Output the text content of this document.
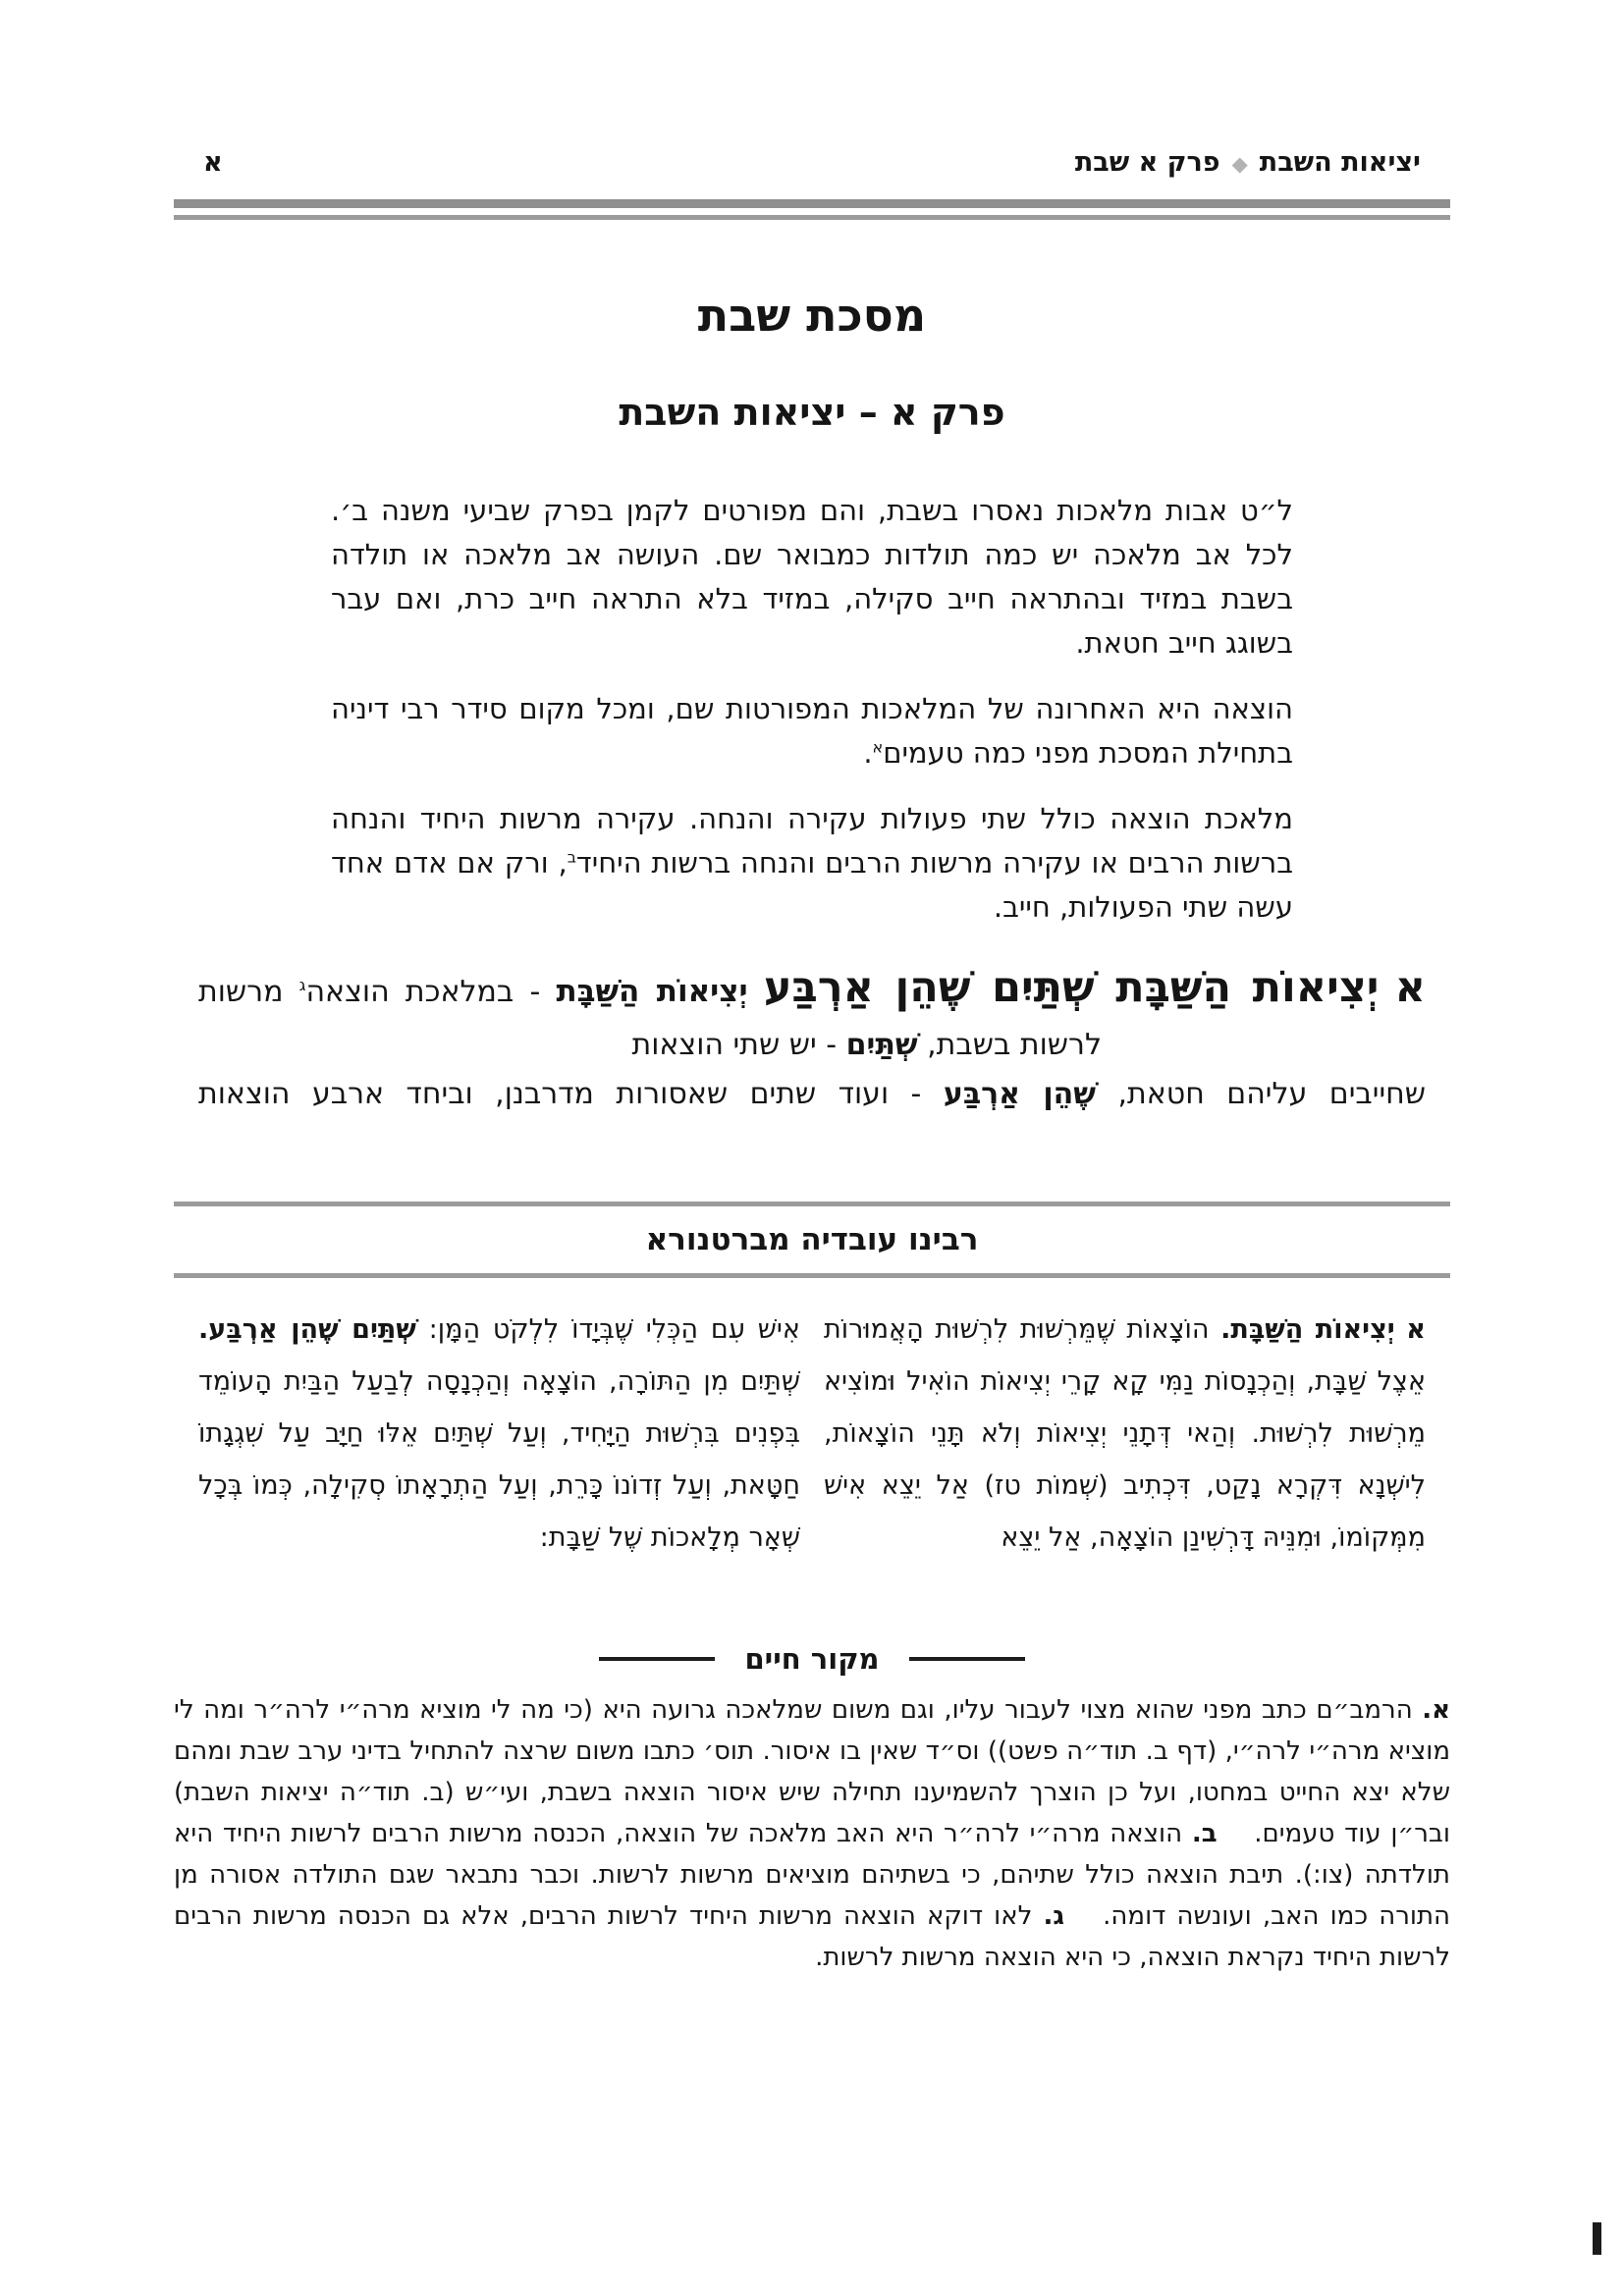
יציאות השבת◆פרק א שבת
א
מסכת שבת
פרק א – יציאות השבת

ל״ט אבות מלאכות נאסרו בשבת, והם מפורטים לקמן בפרק שביעי משנה ב׳. לכל אב מלאכה יש כמה תולדות כמבואר שם. העושה אב מלאכה או תולדה בשבת במזיד ובהתראה חייב סקילה, במזיד בלא התראה חייב כרת, ואם עבר בשוגג חייב חטאת.

הוצאה היא האחרונה של המלאכות המפורטות שם, ומכל מקום סידר רבי דיניה בתחילת המסכת מפני כמה טעמים$^א$.

מלאכת הוצאה כולל שתי פעולות עקירה והנחה. עקירה מרשות היחיד והנחה ברשות הרבים או עקירה מרשות הרבים והנחה ברשות היחיד$^ב$, ורק אם אדם אחד עשה שתי הפעולות, חייב.

א יְצִיאוֹת הַשַּׁבָּת שְׁתַּיִם שֶׁהֵן אַרְבַּע יְצִיאוֹת הַשַּׁבָּת - במלאכת הוצאה$^ג$ מרשות
לרשות בשבת, שְׁתַּיִם - יש שתי הוצאות
שחייבים עליהם חטאת, שֶׁהֵן אַרְבַּע - ועוד שתים שאסורות מדרבנן, וביחד ארבע הוצאות
רבינו עובדיה מברטנורא
א יְצִיאוֹת הַשַּׁבָּת. הוֹצָאוֹת שֶׁמֵּרְשׁוּת לִרְשׁוּת הָאֲמוּרוֹת אֵצֶל שַׁבָּת, וְהַכְנָסוֹת נַמִּי קָא קָרֵי יְצִיאוֹת הוֹאִיל וּמוֹצִיא מֵרְשׁוּת לִרְשׁוּת. וְהַאי דְּתָנֵי יְצִיאוֹת וְלֹא תָּנֵי הוֹצָאוֹת, לִישְׁנָא דִּקְרָא נָקַט, דִּכְתִיב (שְׁמוֹת טז) אַל יֵצֵא אִישׁ מִמְּקוֹמוֹ, וּמִנֵּיהּ דָּרְשִׁינַן הוֹצָאָה, אַל יֵצֵא
אִישׁ עִם הַכְּלִי שֶׁבְּיָדוֹ לִלְקֹט הַמָּן: שְׁתַּיִם שֶׁהֵן אַרְבַּע. שְׁתַּיִם מִן הַתּוֹרָה, הוֹצָאָה וְהַכְנָסָה לְבַעַל הַבַּיִת הָעוֹמֵד בִּפְנִים בִּרְשׁוּת הַיָּחִיד, וְעַל שְׁתַּיִם אֵלּוּ חַיָּב עַל שִׁגְגָתוֹ חַטָּאת, וְעַל זְדוֹנוֹ כָּרֵת, וְעַל הַתְרָאָתוֹ סְקִילָה, כְּמוֹ בְּכָל שְׁאָר מְלָאכוֹת שֶׁל שַׁבָּת:
מקור חיים

א. הרמב״ם כתב מפני שהוא מצוי לעבור עליו, וגם משום שמלאכה גרועה היא (כי מה לי מוציא מרה״י לרה״ר ומה לי מוציא מרה״י לרה״י, (דף ב. תוד״ה פשט)) וס״ד שאין בו איסור. תוס׳ כתבו משום שרצה להתחיל בדיני ערב שבת ומהם שלא יצא החייט במחטו, ועל כן הוצרך להשמיענו תחילה שיש איסור הוצאה בשבת, ועי״ש (ב. תוד״ה יציאות השבת) ובר״ן עוד טעמים. ב. הוצאה מרה״י לרה״ר היא האב מלאכה של הוצאה, הכנסה מרשות הרבים לרשות היחיד היא תולדתה (צו:). תיבת הוצאה כולל שתיהם, כי בשתיהם מוציאים מרשות לרשות. וכבר נתבאר שגם התולדה אסורה מן התורה כמו האב, ועונשה דומה. ג. לאו דוקא הוצאה מרשות היחיד לרשות הרבים, אלא גם הכנסה מרשות הרבים לרשות היחיד נקראת הוצאה, כי היא הוצאה מרשות לרשות.
